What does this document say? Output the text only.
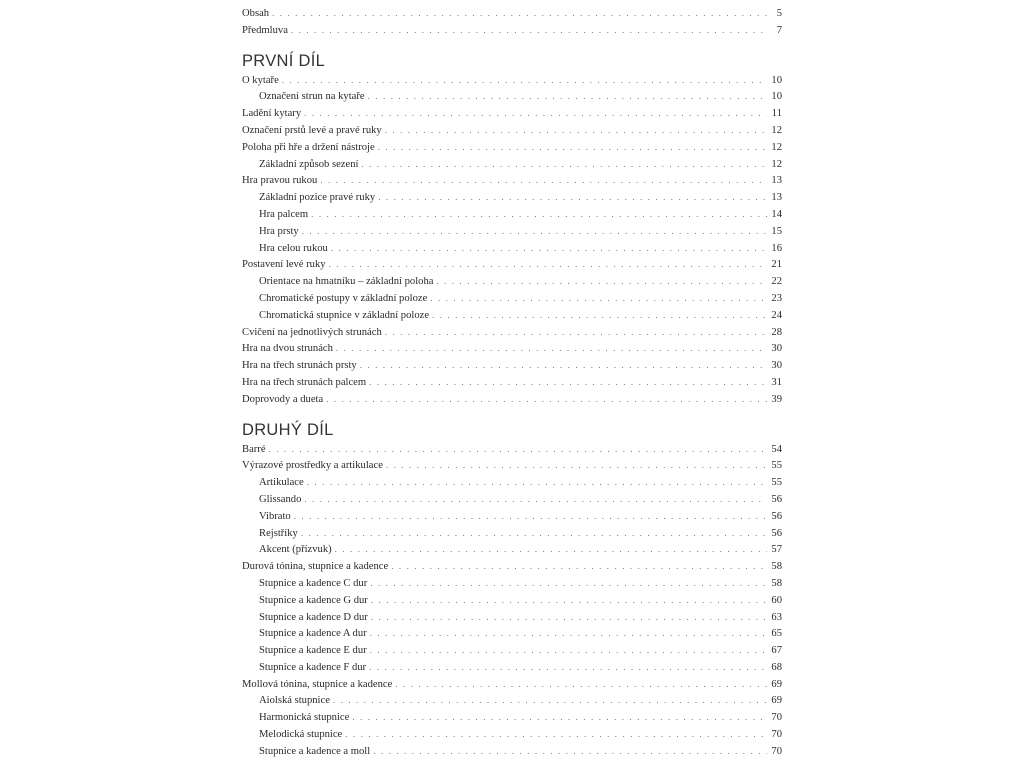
Obsah . . .	5
Předmluva . . .	7
PRVNÍ DÍL
O kytaře . . .	10
Označení strun na kytaře . . .	10
Ladění kytary . . .	11
Označení prstů levé a pravé ruky . . .	12
Poloha při hře a držení nástroje . . .	12
Základní způsob sezení . . .	12
Hra pravou rukou . . .	13
Základní pozice pravé ruky . . .	13
Hra palcem . . .	14
Hra prsty . . .	15
Hra celou rukou . . .	16
Postavení levé ruky . . .	21
Orientace na hmatníku – základní poloha . . .	22
Chromatické postupy v základní poloze . . .	23
Chromatická stupnice v základní poloze . . .	24
Cvičení na jednotlivých strunách . . .	28
Hra na dvou strunách . . .	30
Hra na třech strunách prsty . . .	30
Hra na třech strunách palcem . . .	31
Doprovody a dueta . . .	39
DRUHÝ DÍL
Barré . . .	54
Výrazové prostředky a artikulace . . .	55
Artikulace . . .	55
Glissando . . .	56
Vibrato . . .	56
Rejstříky . . .	56
Akcent (přízvuk) . . .	57
Durová tónina, stupnice a kadence . . .	58
Stupnice a kadence C dur . . .	58
Stupnice a kadence G dur . . .	60
Stupnice a kadence D dur . . .	63
Stupnice a kadence A dur . . .	65
Stupnice a kadence E dur . . .	67
Stupnice a kadence F dur . . .	68
Mollová tónina, stupnice a kadence . . .	69
Aiolská stupnice . . .	69
Harmonická stupnice . . .	70
Melodická stupnice . . .	70
Stupnice a kadence a moll . . .	70
